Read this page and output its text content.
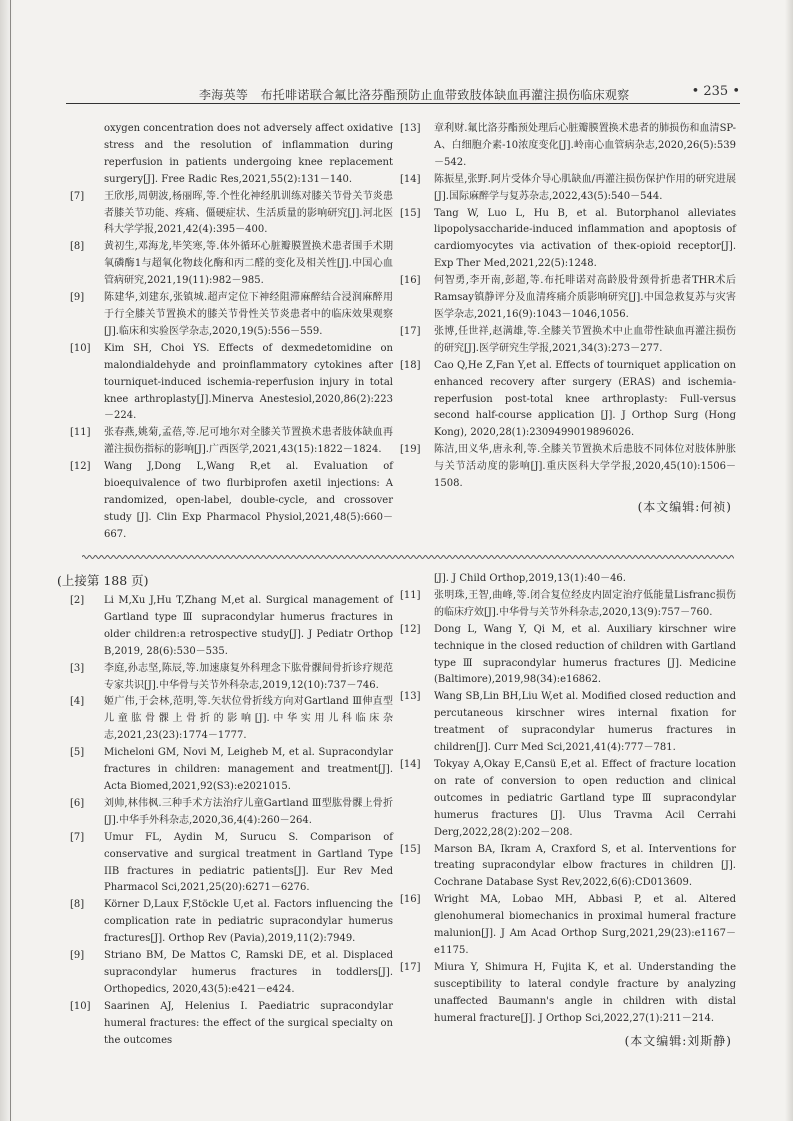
李海英等　布托啡诺联合氟比洛芬酯预防止血带致肢体缺血再灌注损伤临床观察	• 235 •
oxygen concentration does not adversely affect oxidative stress and the resolution of inflammation during reperfusion in patients undergoing knee replacement surgery[J]. Free Radic Res,2021,55(2):131－140.
[7]	王欣彤,周朝波,杨丽晖,等.个性化神经肌训练对膝关节骨关节炎患者膝关节功能、疼痛、僵硬症状、生活质量的影响研究[J].河北医科大学学报,2021,42(4):395－400.
[8]	黄初生,邓海龙,毕笑寒,等.体外循环心脏瓣膜置换术患者围手术期氧磷酶1与超氧化物歧化酶和丙二醛的变化及相关性[J].中国心血管病研究,2021,19(11):982－985.
[9]	陈建华,刘建东,张镇城.超声定位下神经阻滞麻醉结合浸润麻醉用于行全膝关节置换术的膝关节骨性关节炎患者中的临床效果观察[J].临床和实验医学杂志,2020,19(5):556－559.
[10]	Kim SH, Choi YS. Effects of dexmedetomidine on malondialdehyde and proinflammatory cytokines after tourniquet-induced ischemia-reperfusion injury in total knee arthroplasty[J].Minerva Anestesiol,2020,86(2):223－224.
[11]	张春燕,姚菊,孟蓓,等.尼可地尔对全膝关节置换术患者肢体缺血再灌注损伤指标的影响[J].广西医学,2021,43(15):1822－1824.
[12]	Wang J,Dong L,Wang R,et al. Evaluation of bioequivalence of two flurbiprofen axetil injections: A randomized, open-label, double-cycle, and crossover study [J]. Clin Exp Pharmacol Physiol,2021,48(5):660－667.
[13]	章利财.氟比洛芬酯预处理后心脏瓣膜置换术患者的肺损伤和血清SP-A、白细胞介素-10浓度变化[J].岭南心血管病杂志,2020,26(5):539－542.
[14]	陈振星,张野.阿片受体介导心肌缺血/再灌注损伤保护作用的研究进展[J].国际麻醉学与复苏杂志,2022,43(5):540－544.
[15]	Tang W, Luo L, Hu B, et al. Butorphanol alleviates lipopolysaccharide-induced inflammation and apoptosis of cardiomyocytes via activation of theκ-opioid receptor[J]. Exp Ther Med,2021,22(5):1248.
[16]	何智勇,李开南,彭超,等.布托啡诺对高龄股骨颈骨折患者THR术后Ramsay镇静评分及血清疼痛介质影响研究[J].中国急救复苏与灾害医学杂志,2021,16(9):1043－1046,1056.
[17]	张博,任世祥,赵满雄,等.全膝关节置换术中止血带性缺血再灌注损伤的研究[J].医学研究生学报,2021,34(3):273－277.
[18]	Cao Q,He Z,Fan Y,et al. Effects of tourniquet application on enhanced recovery after surgery (ERAS) and ischemia-reperfusion post-total knee arthroplasty: Full-versus second half-course application [J]. J Orthop Surg (Hong Kong), 2020,28(1):2309499019896026.
[19]	陈洁,田义华,唐永利,等.全膝关节置换术后患肢不同体位对肢体肿胀与关节活动度的影响[J].重庆医科大学学报,2020,45(10):1506－1508.
(本文编辑:何祯)
(上接第 188 页)
[2]	Li M,Xu J,Hu T,Zhang M,et al. Surgical management of Gartland type Ⅲ supracondylar humerus fractures in older children:a retrospective study[J]. J Pediatr Orthop B,2019, 28(6):530－535.
[3]	李庭,孙志坚,陈辰,等.加速康复外科理念下肱骨髁间骨折诊疗规范专家共识[J].中华骨与关节外科杂志,2019,12(10):737－746.
[4]	姬广伟,于会林,范明,等.矢状位骨折线方向对Gartland Ⅲ伸直型儿童肱骨髁上骨折的影响[J].中华实用儿科临床杂志,2021,23(23):1774－1777.
[5]	Micheloni GM, Novi M, Leigheb M, et al. Supracondylar fractures in children: management and treatment[J]. Acta Biomed,2021,92(S3):e2021015.
[6]	刘帅,林伟枫.三种手术方法治疗儿童Gartland Ⅲ型肱骨髁上骨折[J].中华手外科杂志,2020,36,4(4):260－264.
[7]	Umur FL, Aydin M, Surucu S. Comparison of conservative and surgical treatment in Gartland Type IIB fractures in pediatric patients[J]. Eur Rev Med Pharmacol Sci,2021,25(20):6271－6276.
[8]	Körner D,Laux F,Stöckle U,et al. Factors influencing the complication rate in pediatric supracondylar humerus fractures[J]. Orthop Rev (Pavia),2019,11(2):7949.
[9]	Striano BM, De Mattos C, Ramski DE, et al. Displaced supracondylar humerus fractures in toddlers[J]. Orthopedics, 2020,43(5):e421－e424.
[10]	Saarinen AJ, Helenius I. Paediatric supracondylar humeral fractures: the effect of the surgical specialty on the outcomes
[J]. J Child Orthop,2019,13(1):40－46.
[11]	张明珠,王智,曲峰,等.闭合复位经皮内固定治疗低能量Lisfranc损伤的临床疗效[J].中华骨与关节外科杂志,2020,13(9):757－760.
[12]	Dong L, Wang Y, Qi M, et al. Auxiliary kirschner wire technique in the closed reduction of children with Gartland type Ⅲ supracondylar humerus fractures [J]. Medicine (Baltimore),2019,98(34):e16862.
[13]	Wang SB,Lin BH,Liu W,et al. Modified closed reduction and percutaneous kirschner wires internal fixation for treatment of supracondylar humerus fractures in children[J]. Curr Med Sci,2021,41(4):777－781.
[14]	Tokyay A,Okay E,Cansü E,et al. Effect of fracture location on rate of conversion to open reduction and clinical outcomes in pediatric Gartland type Ⅲ supracondylar humerus fractures [J]. Ulus Travma Acil Cerrahi Derg,2022,28(2):202－208.
[15]	Marson BA, Ikram A, Craxford S, et al. Interventions for treating supracondylar elbow fractures in children [J]. Cochrane Database Syst Rev,2022,6(6):CD013609.
[16]	Wright MA, Lobao MH, Abbasi P, et al. Altered glenohumeral biomechanics in proximal humeral fracture malunion[J]. J Am Acad Orthop Surg,2021,29(23):e1167－e1175.
[17]	Miura Y, Shimura H, Fujita K, et al. Understanding the susceptibility to lateral condyle fracture by analyzing unaffected Baumann's angle in children with distal humeral fracture[J]. J Orthop Sci,2022,27(1):211－214.
(本文编辑:刘斯静)
